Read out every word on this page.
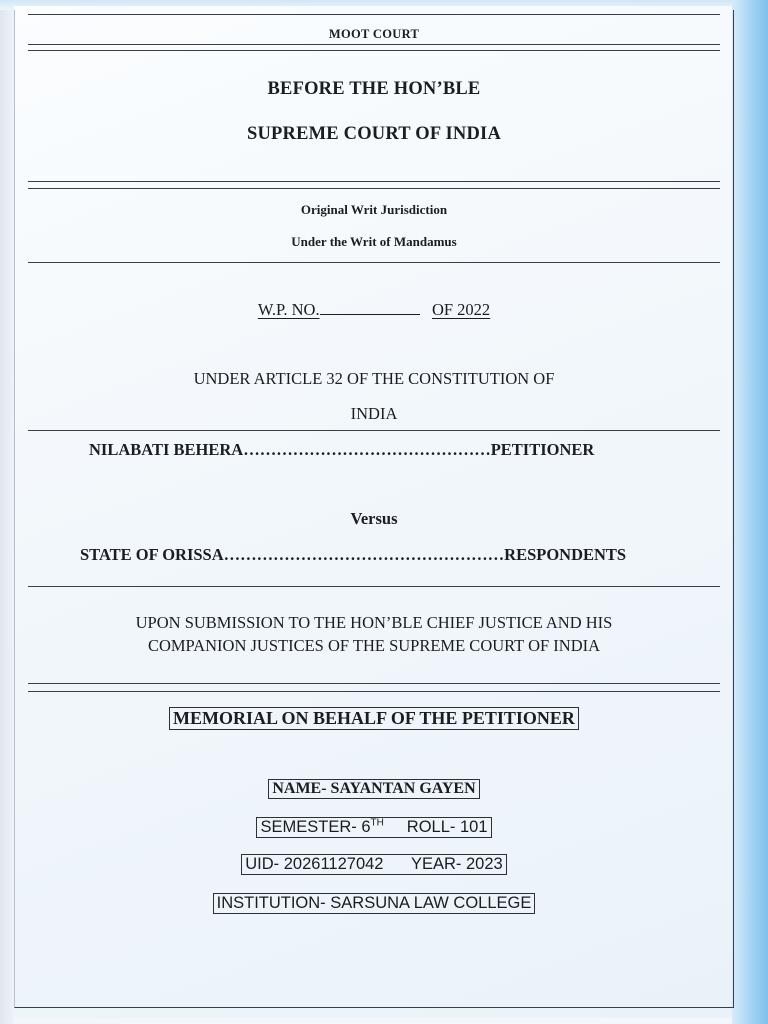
MOOT COURT
BEFORE THE HON’BLE
SUPREME COURT OF INDIA
Original Writ Jurisdiction
Under the Writ of Mandamus
W.P. NO.	OF 2022
UNDER ARTICLE 32 OF THE CONSTITUTION OF
INDIA
NILABATI BEHERA………………………………………PETITIONER
Versus
STATE OF ORISSA……………………………………………RESPONDENTS
UPON SUBMISSION TO THE HON’BLE CHIEF JUSTICE AND HIS
COMPANION JUSTICES OF THE SUPREME COURT OF INDIA
MEMORIAL ON BEHALF OF THE PETITIONER
NAME- SAYANTAN GAYEN
SEMESTER- 6TH ROLL- 101
UID- 20261127042 YEAR- 2023
INSTITUTION- SARSUNA LAW COLLEGE
